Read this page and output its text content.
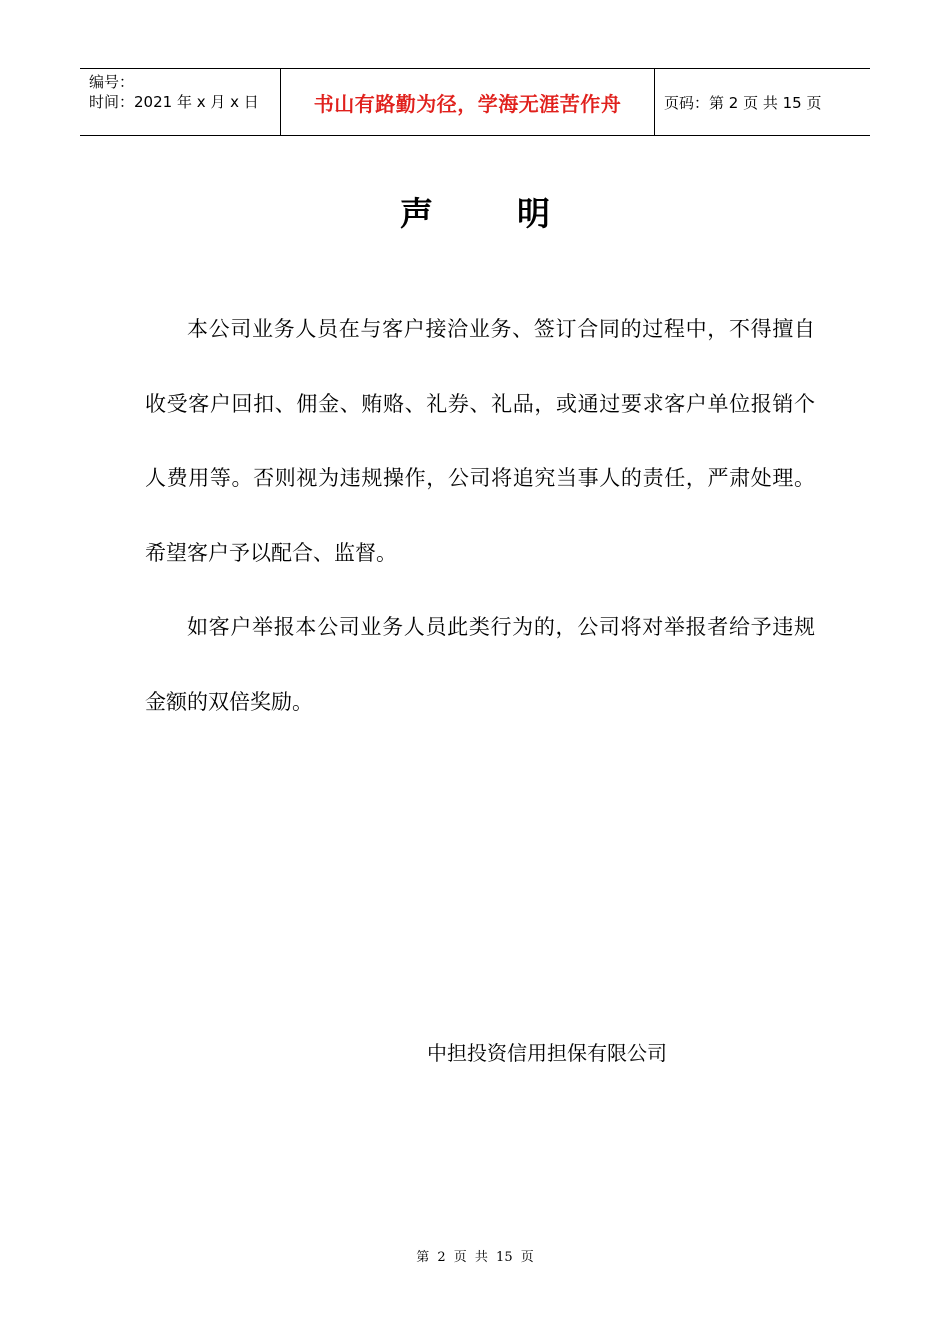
编号：
时间：2021 年 x 月 x 日	书山有路勤为径，学海无涯苦作舟	页码：第 2 页 共 15 页
声	明

本公司业务人员在与客户接洽业务、签订合同的过程中，不得擅自收受客户回扣、佣金、贿赂、礼券、礼品，或通过要求客户单位报销个人费用等。否则视为违规操作，公司将追究当事人的责任，严肃处理。希望客户予以配合、监督。

如客户举报本公司业务人员此类行为的，公司将对举报者给予违规金额的双倍奖励。

中担投资信用担保有限公司
第 2 页 共 15 页
